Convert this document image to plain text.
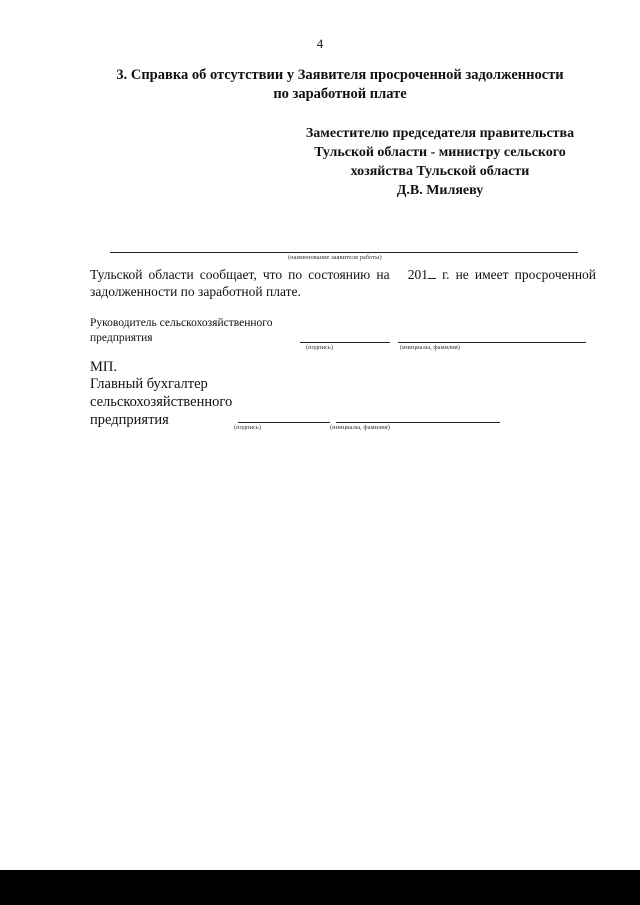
4
3. Справка об отсутствии у Заявителя просроченной задолженности
по заработной плате
Заместителю председателя правительства
Тульской области - министру сельского
хозяйства Тульской области
Д.В. Миляеву
(наименование заявителя работы)
Тульской области сообщает, что по состоянию на 201 г. не имеет просроченной задолженности по заработной плате.
Руководитель сельскохозяйственного
предприятия
(подпись)	(инициалы, фамилия)
МП.
Главный бухгалтер
сельскохозяйственного
предприятия	(подпись)	(инициалы, фамилия)
